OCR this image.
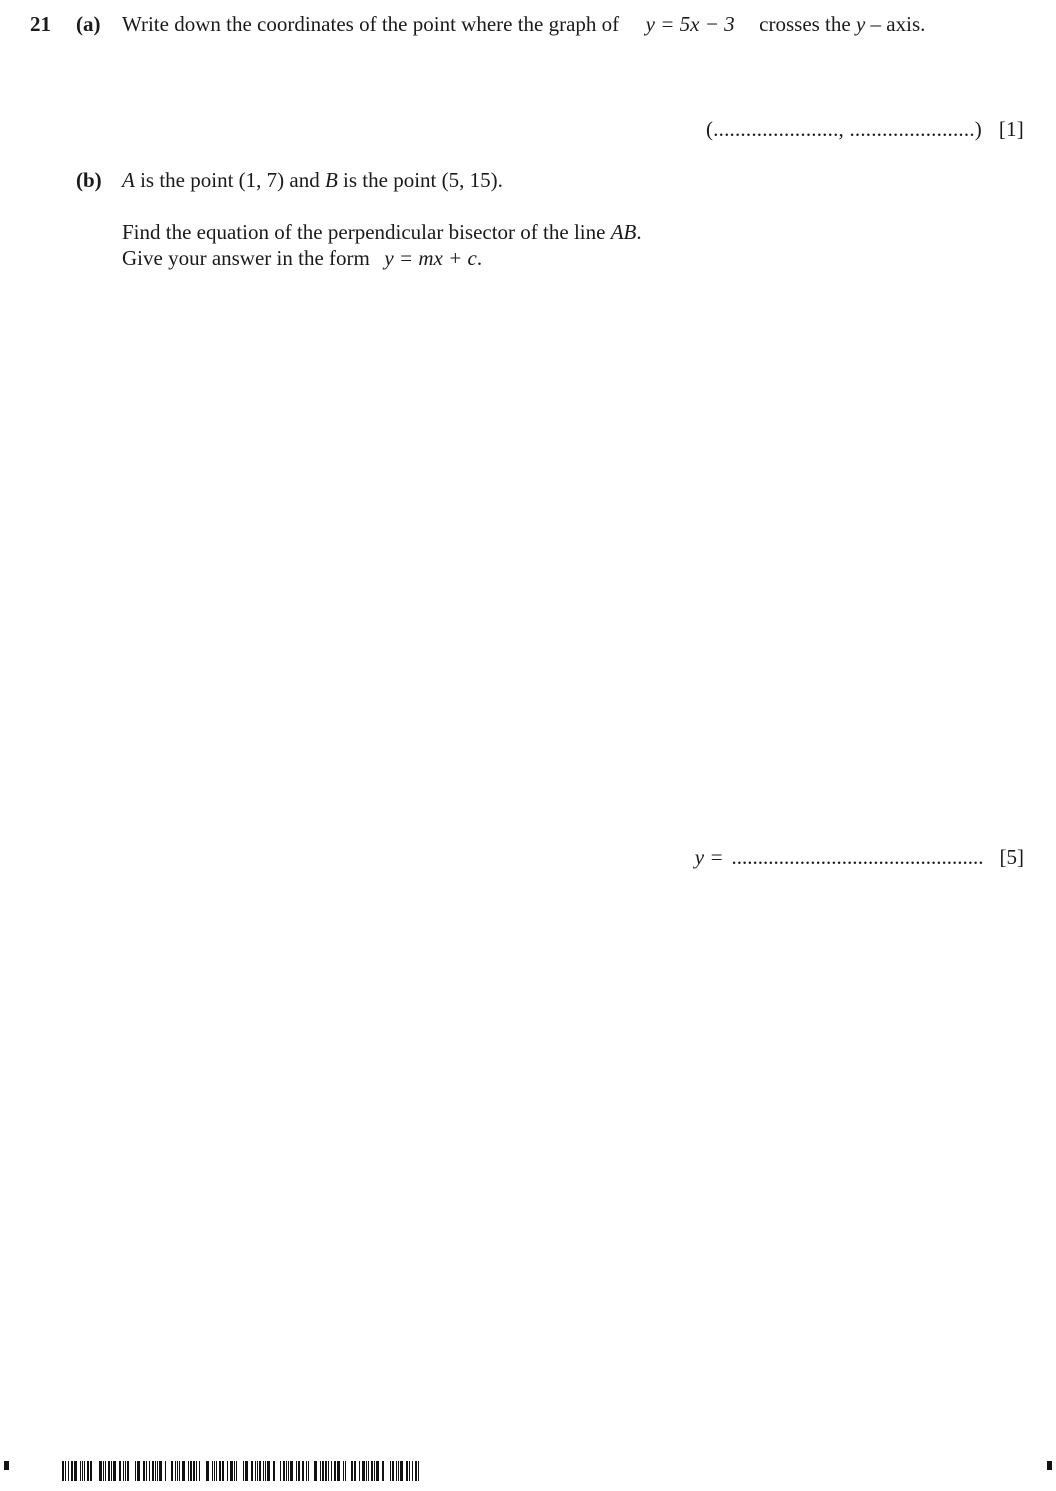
21 (a) Write down the coordinates of the point where the graph of y = 5x − 3 crosses the y – axis.
(......................., .......................) [1]
(b) A is the point (1, 7) and B is the point (5, 15).
Find the equation of the perpendicular bisector of the line AB.
Give your answer in the form y = mx + c.
y = ................................................ [5]
